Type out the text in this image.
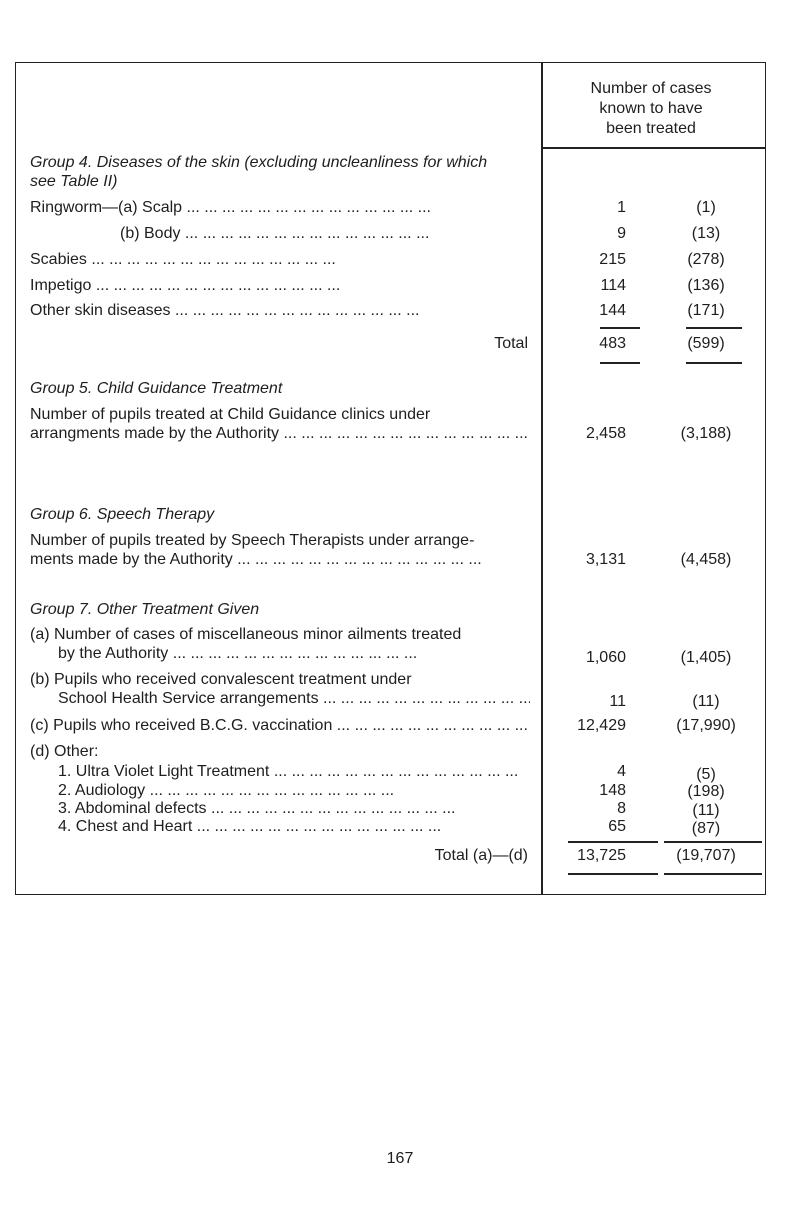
Number of cases
known to have
been treated
Group 4. Diseases of the skin (excluding uncleanliness for which
see Table II)
Ringworm—(a) Scalp ... .	1	(1)
(b) Body ... .	9	(13)
Scabies ... .	215	(278)
Impetigo ... .	114	(136)
Other skin diseases ... .	144	(171)
Total	483	(599)
Group 5. Child Guidance Treatment
Number of pupils treated at Child Guidance clinics under
arrangments made by the Authority ... .	2,458	(3,188)
Group 6. Speech Therapy
Number of pupils treated by Speech Therapists under arrange-
ments made by the Authority ... .	3,131	(4,458)
Group 7. Other Treatment Given
(a) Number of cases of miscellaneous minor ailments treated
by the Authority ... .	1,060	(1,405)
(b) Pupils who received convalescent treatment under
School Health Service arrangements ... .	11	(11)
(c) Pupils who received B.C.G. vaccination ... .	12,429	(17,990)
(d) Other:
1. Ultra Violet Light Treatment ... .	4	(5)
2. Audiology ... .	148	(198)
3. Abdominal defects ... .	8	(11)
4. Chest and Heart ... .	65	(87)
Total (a)—(d)	13,725	(19,707)
167
